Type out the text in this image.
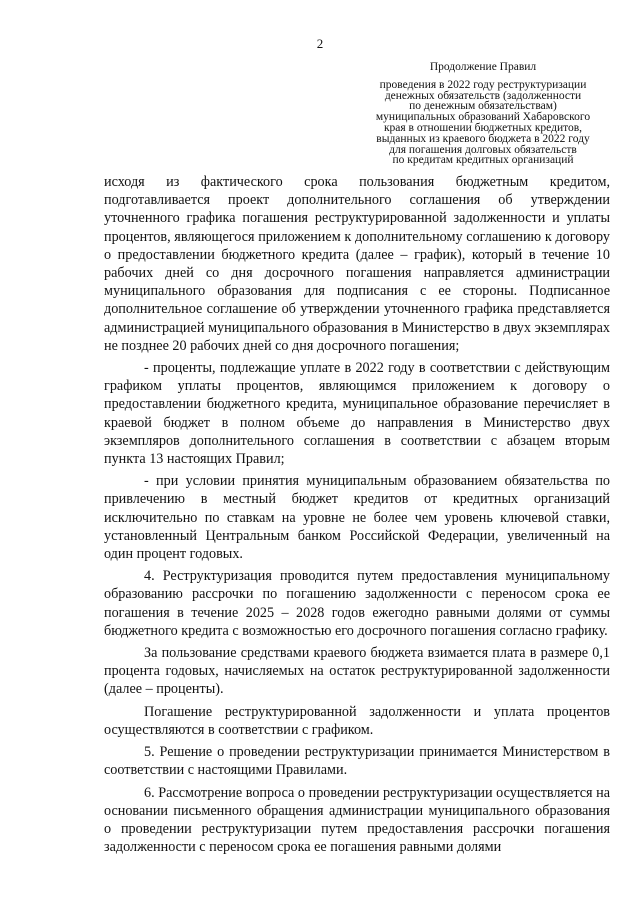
2
Продолжение Правил
проведения в 2022 году реструктуризации
денежных обязательств (задолженности
по денежным обязательствам)
муниципальных образований Хабаровского
края в отношении бюджетных кредитов,
выданных из краевого бюджета в 2022 году
для погашения долговых обязательств
по кредитам кредитных организаций

исходя из фактического срока пользования бюджетным кредитом, подготавливается проект дополнительного соглашения об утверждении уточненного графика погашения реструктурированной задолженности и уплаты процентов, являющегося приложением к дополнительному соглашению к договору о предоставлении бюджетного кредита (далее – график), который в течение 10 рабочих дней со дня досрочного погашения направляется администрации муниципального образования для подписания с ее стороны. Подписанное дополнительное соглашение об утверждении уточненного графика представляется администрацией муниципального образования в Министерство в двух экземплярах не позднее 20 рабочих дней со дня досрочного погашения;

- проценты, подлежащие уплате в 2022 году в соответствии с действующим графиком уплаты процентов, являющимся приложением к договору о предоставлении бюджетного кредита, муниципальное образование перечисляет в краевой бюджет в полном объеме до направления в Министерство двух экземпляров дополнительного соглашения в соответствии с абзацем вторым пункта 13 настоящих Правил;

- при условии принятия муниципальным образованием обязательства по привлечению в местный бюджет кредитов от кредитных организаций исключительно по ставкам на уровне не более чем уровень ключевой ставки, установленный Центральным банком Российской Федерации, увеличенный на один процент годовых.

4. Реструктуризация проводится путем предоставления муниципальному образованию рассрочки по погашению задолженности с переносом срока ее погашения в течение 2025 – 2028 годов ежегодно равными долями от суммы бюджетного кредита с возможностью его досрочного погашения согласно графику.

За пользование средствами краевого бюджета взимается плата в размере 0,1 процента годовых, начисляемых на остаток реструктурированной задолженности (далее – проценты).

Погашение реструктурированной задолженности и уплата процентов осуществляются в соответствии с графиком.

5. Решение о проведении реструктуризации принимается Министерством в соответствии с настоящими Правилами.

6. Рассмотрение вопроса о проведении реструктуризации осуществляется на основании письменного обращения администрации муниципального образования о проведении реструктуризации путем предоставления рассрочки погашения задолженности с переносом срока ее погашения равными долями
